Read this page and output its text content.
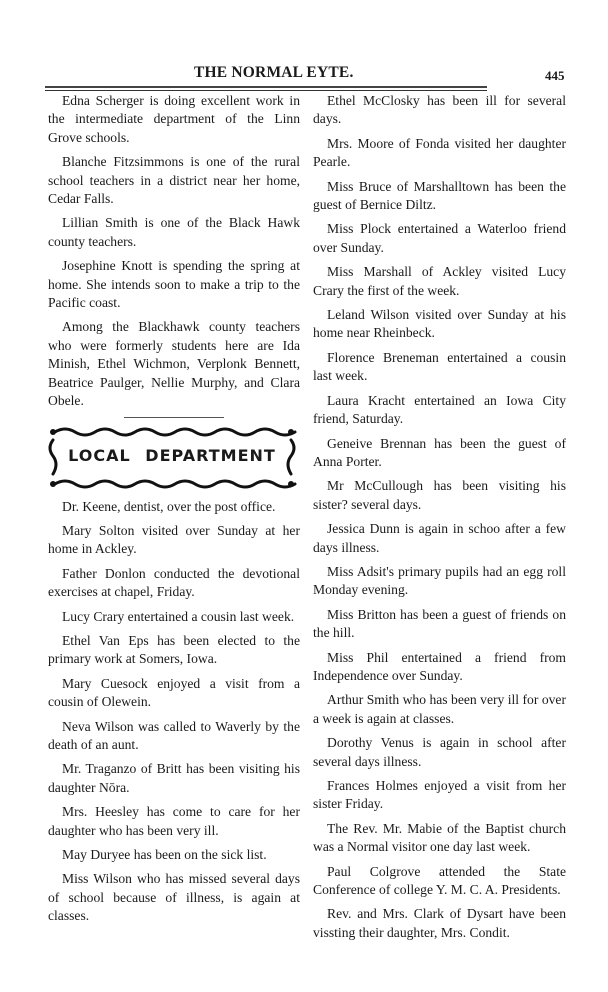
THE NORMAL EYTE.	445

Edna Scherger is doing excellent work in the intermediate department of the Linn Grove schools.

Blanche Fitzsimmons is one of the rural school teachers in a district near her home, Cedar Falls.

Lillian Smith is one of the Black Hawk county teachers.

Josephine Knott is spending the spring at home. She intends soon to make a trip to the Pacific coast.

Among the Blackhawk county teachers who were formerly students here are Ida Minish, Ethel Wichmon, Verplonk Bennett, Beatrice Paulger, Nellie Murphy, and Clara Obele.

LOCAL DEPARTMENT

Dr. Keene, dentist, over the post office.

Mary Solton visited over Sunday at her home in Ackley.

Father Donlon conducted the devotional exercises at chapel, Friday.

Lucy Crary entertained a cousin last week.

Ethel Van Eps has been elected to the primary work at Somers, Iowa.

Mary Cuesock enjoyed a visit from a cousin of Olewein.

Neva Wilson was called to Waverly by the death of an aunt.

Mr. Traganzo of Britt has been visiting his daughter Nōra.

Mrs. Heesley has come to care for her daughter who has been very ill.

May Duryee has been on the sick list.

Miss Wilson who has missed several days of school because of illness, is again at classes.

Ethel McClosky has been ill for several days.

Mrs. Moore of Fonda visited her daughter Pearle.

Miss Bruce of Marshalltown has been the guest of Bernice Diltz.

Miss Plock entertained a Waterloo friend over Sunday.

Miss Marshall of Ackley visited Lucy Crary the first of the week.

Leland Wilson visited over Sunday at his home near Rheinbeck.

Florence Breneman entertained a cousin last week.

Laura Kracht entertained an Iowa City friend, Saturday.

Geneive Brennan has been the guest of Anna Porter.

Mr McCullough has been visiting his sister? several days.

Jessica Dunn is again in schoo after a few days illness.

Miss Adsit's primary pupils had an egg roll Monday evening.

Miss Britton has been a guest of friends on the hill.

Miss Phil entertained a friend from Independence over Sunday.

Arthur Smith who has been very ill for over a week is again at classes.

Dorothy Venus is again in school after several days illness.

Frances Holmes enjoyed a visit from her sister Friday.

The Rev. Mr. Mabie of the Baptist church was a Normal visitor one day last week.

Paul Colgrove attended the State Conference of college Y. M. C. A. Presidents.

Rev. and Mrs. Clark of Dysart have been vissting their daughter, Mrs. Condit.
